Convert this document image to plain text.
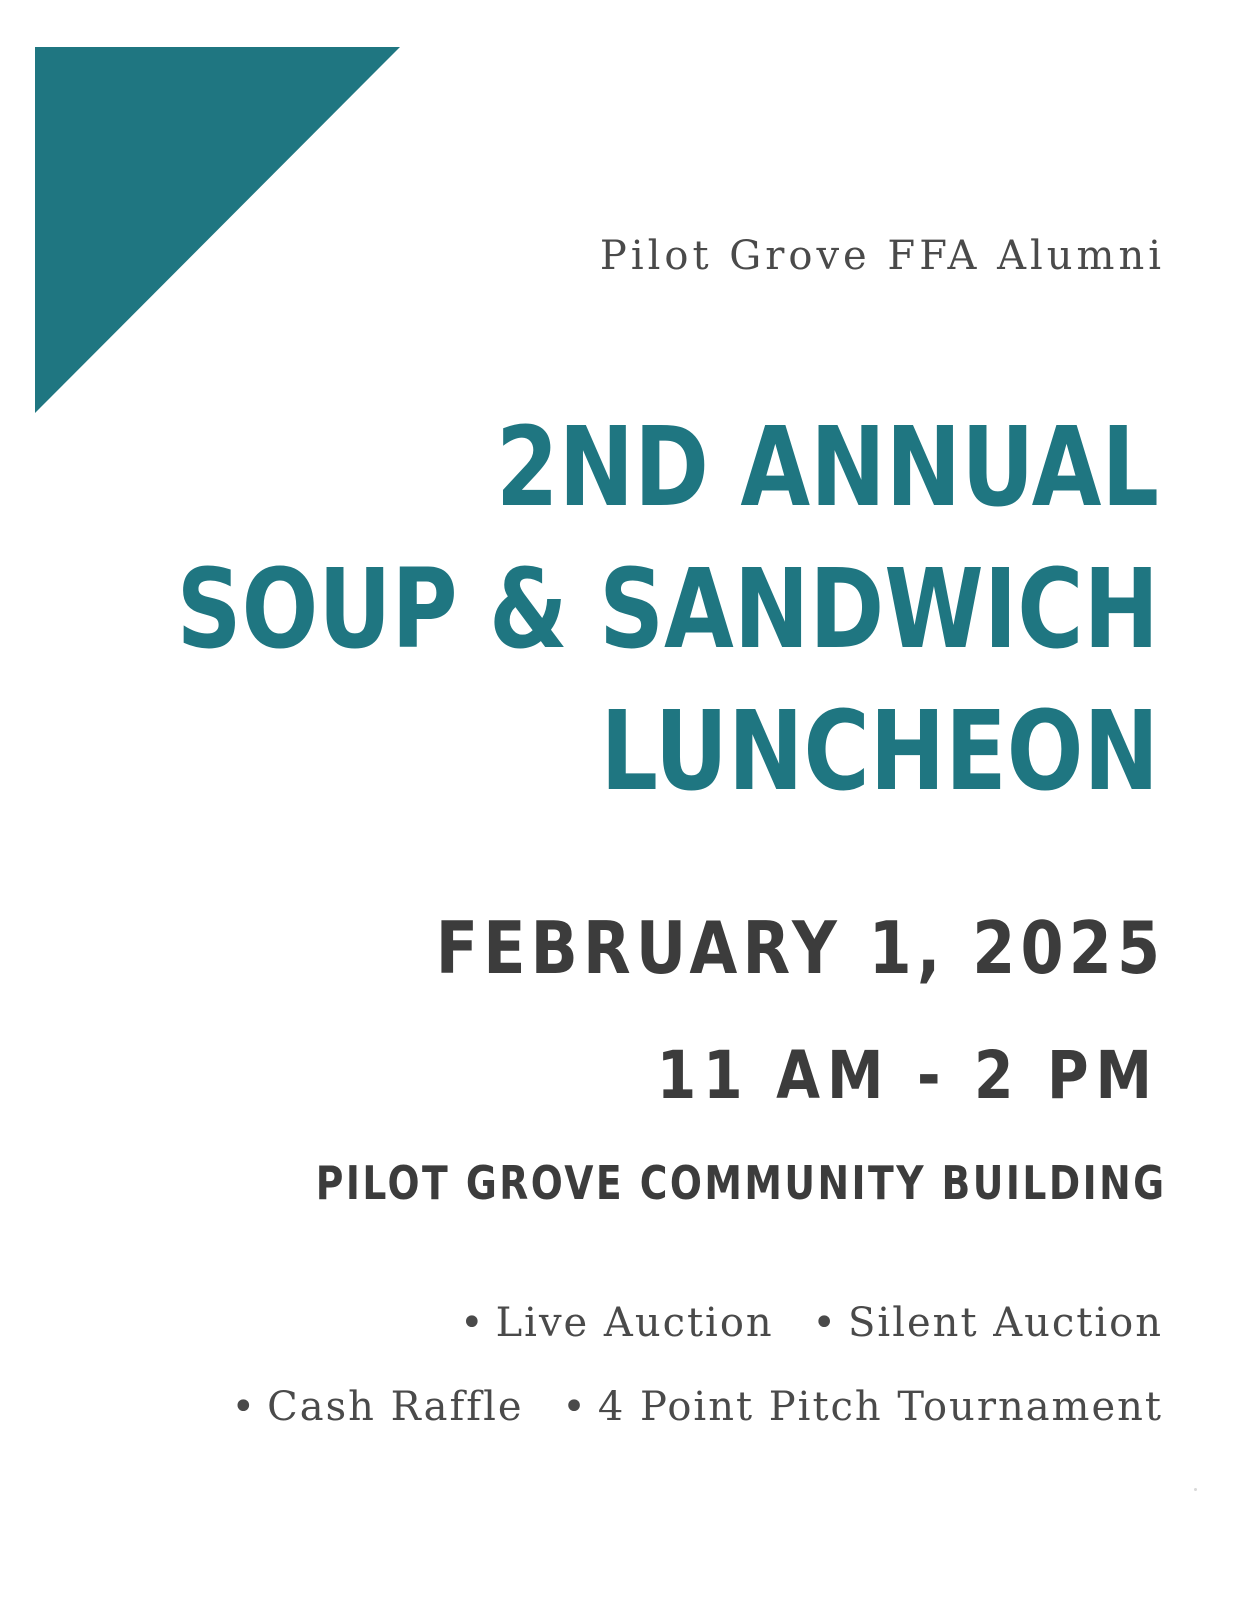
Pilot Grove FFA Alumni
2ND ANNUAL
SOUP & SANDWICH
LUNCHEON
FEBRUARY 1, 2025
11 AM - 2 PM
PILOT GROVE COMMUNITY BUILDING
• Live Auction • Silent Auction
• Cash Raffle • 4 Point Pitch Tournament
